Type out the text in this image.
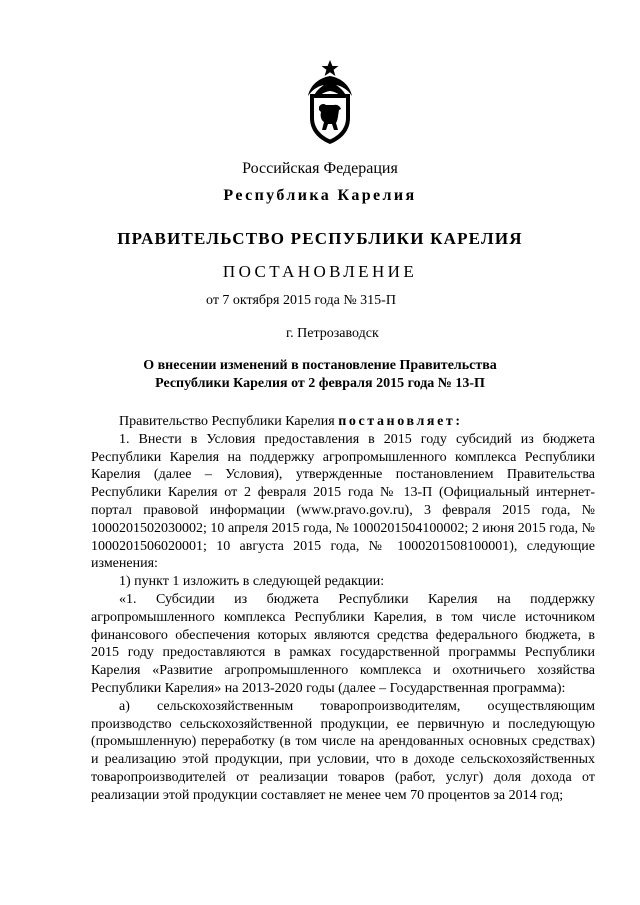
Российская Федерация
Республика Карелия
ПРАВИТЕЛЬСТВО РЕСПУБЛИКИ КАРЕЛИЯ
ПОСТАНОВЛЕНИЕ
от 7 октября 2015 года № 315-П
г. Петрозаводск
О внесении изменений в постановление Правительства
Республики Карелия от 2 февраля 2015 года № 13-П

Правительство Республики Карелия постановляет:

1. Внести в Условия предоставления в 2015 году субсидий из бюджета Республики Карелия на поддержку агропромышленного комплекса Республики Карелия (далее – Условия), утвержденные постановлением Правительства Республики Карелия от 2 февраля 2015 года № 13-П (Официальный интернет-портал правовой информации (www.pravo.gov.ru), 3 февраля 2015 года, № 1000201502030002; 10 апреля 2015 года, № 1000201504100002; 2 июня 2015 года, № 1000201506020001; 10 августа 2015 года, № 1000201508100001), следующие изменения:

1) пункт 1 изложить в следующей редакции:

«1. Субсидии из бюджета Республики Карелия на поддержку агропромышленного комплекса Республики Карелия, в том числе источником финансового обеспечения которых являются средства федерального бюджета, в 2015 году предоставляются в рамках государственной программы Республики Карелия «Развитие агропромышленного комплекса и охотничьего хозяйства Республики Карелия» на 2013-2020 годы (далее – Государственная программа):

а) сельскохозяйственным товаропроизводителям, осуществляющим производство сельскохозяйственной продукции, ее первичную и последующую (промышленную) переработку (в том числе на арендованных основных средствах) и реализацию этой продукции, при условии, что в доходе сельскохозяйственных товаропроизводителей от реализации товаров (работ, услуг) доля дохода от реализации этой продукции составляет не менее чем 70 процентов за 2014 год;
